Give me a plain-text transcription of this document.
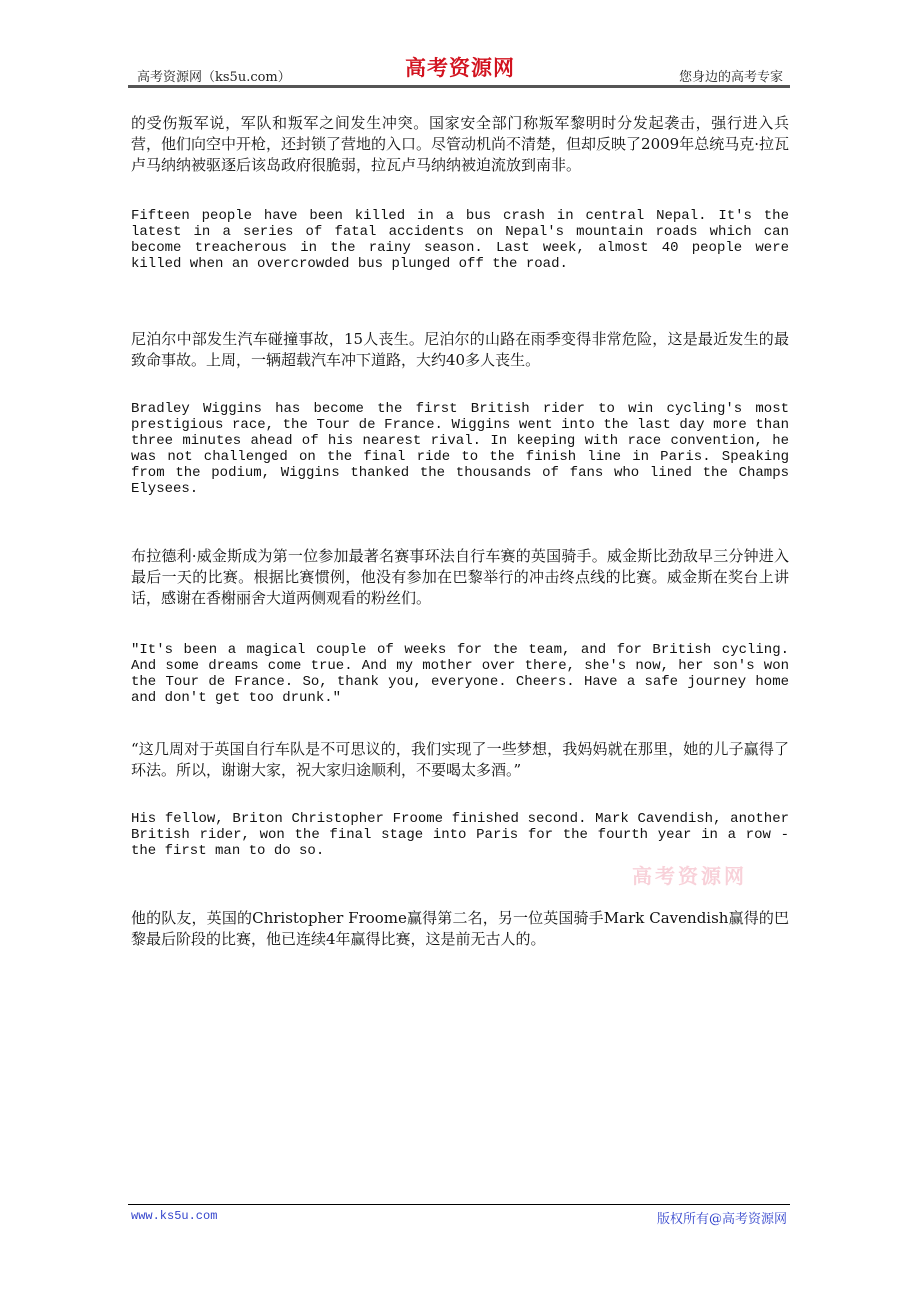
高考资源网（ks5u.com）	高考资源网	您身边的高考专家

的受伤叛军说，军队和叛军之间发生冲突。国家安全部门称叛军黎明时分发起袭击，强行进入兵营，他们向空中开枪，还封锁了营地的入口。尽管动机尚不清楚，但却反映了2009年总统马克·拉瓦卢马纳纳被驱逐后该岛政府很脆弱，拉瓦卢马纳纳被迫流放到南非。

Fifteen people have been killed in a bus crash in central Nepal. It's the latest in a series of fatal accidents on Nepal's mountain roads which can become treacherous in the rainy season. Last week, almost 40 people were killed when an overcrowded bus plunged off the road.

尼泊尔中部发生汽车碰撞事故，15人丧生。尼泊尔的山路在雨季变得非常危险，这是最近发生的最致命事故。上周，一辆超载汽车冲下道路，大约40多人丧生。

Bradley Wiggins has become the first British rider to win cycling's most prestigious race, the Tour de France. Wiggins went into the last day more than three minutes ahead of his nearest rival. In keeping with race convention, he was not challenged on the final ride to the finish line in Paris. Speaking from the podium, Wiggins thanked the thousands of fans who lined the Champs Elysees.

布拉德利·威金斯成为第一位参加最著名赛事环法自行车赛的英国骑手。威金斯比劲敌早三分钟进入最后一天的比赛。根据比赛惯例，他没有参加在巴黎举行的冲击终点线的比赛。威金斯在奖台上讲话，感谢在香榭丽舍大道两侧观看的粉丝们。

"It's been a magical couple of weeks for the team, and for British cycling. And some dreams come true. And my mother over there, she's now, her son's won the Tour de France. So, thank you, everyone. Cheers. Have a safe journey home and don't get too drunk."

“这几周对于英国自行车队是不可思议的，我们实现了一些梦想，我妈妈就在那里，她的儿子赢得了环法。所以，谢谢大家，祝大家归途顺利，不要喝太多酒。”

His fellow, Briton Christopher Froome finished second. Mark Cavendish, another British rider, won the final stage into Paris for the fourth year in a row - the first man to do so.

他的队友，英国的Christopher Froome赢得第二名，另一位英国骑手Mark Cavendish赢得的巴黎最后阶段的比赛，他已连续4年赢得比赛，这是前无古人的。

高考资源网
www.ks5u.com	版权所有@高考资源网
